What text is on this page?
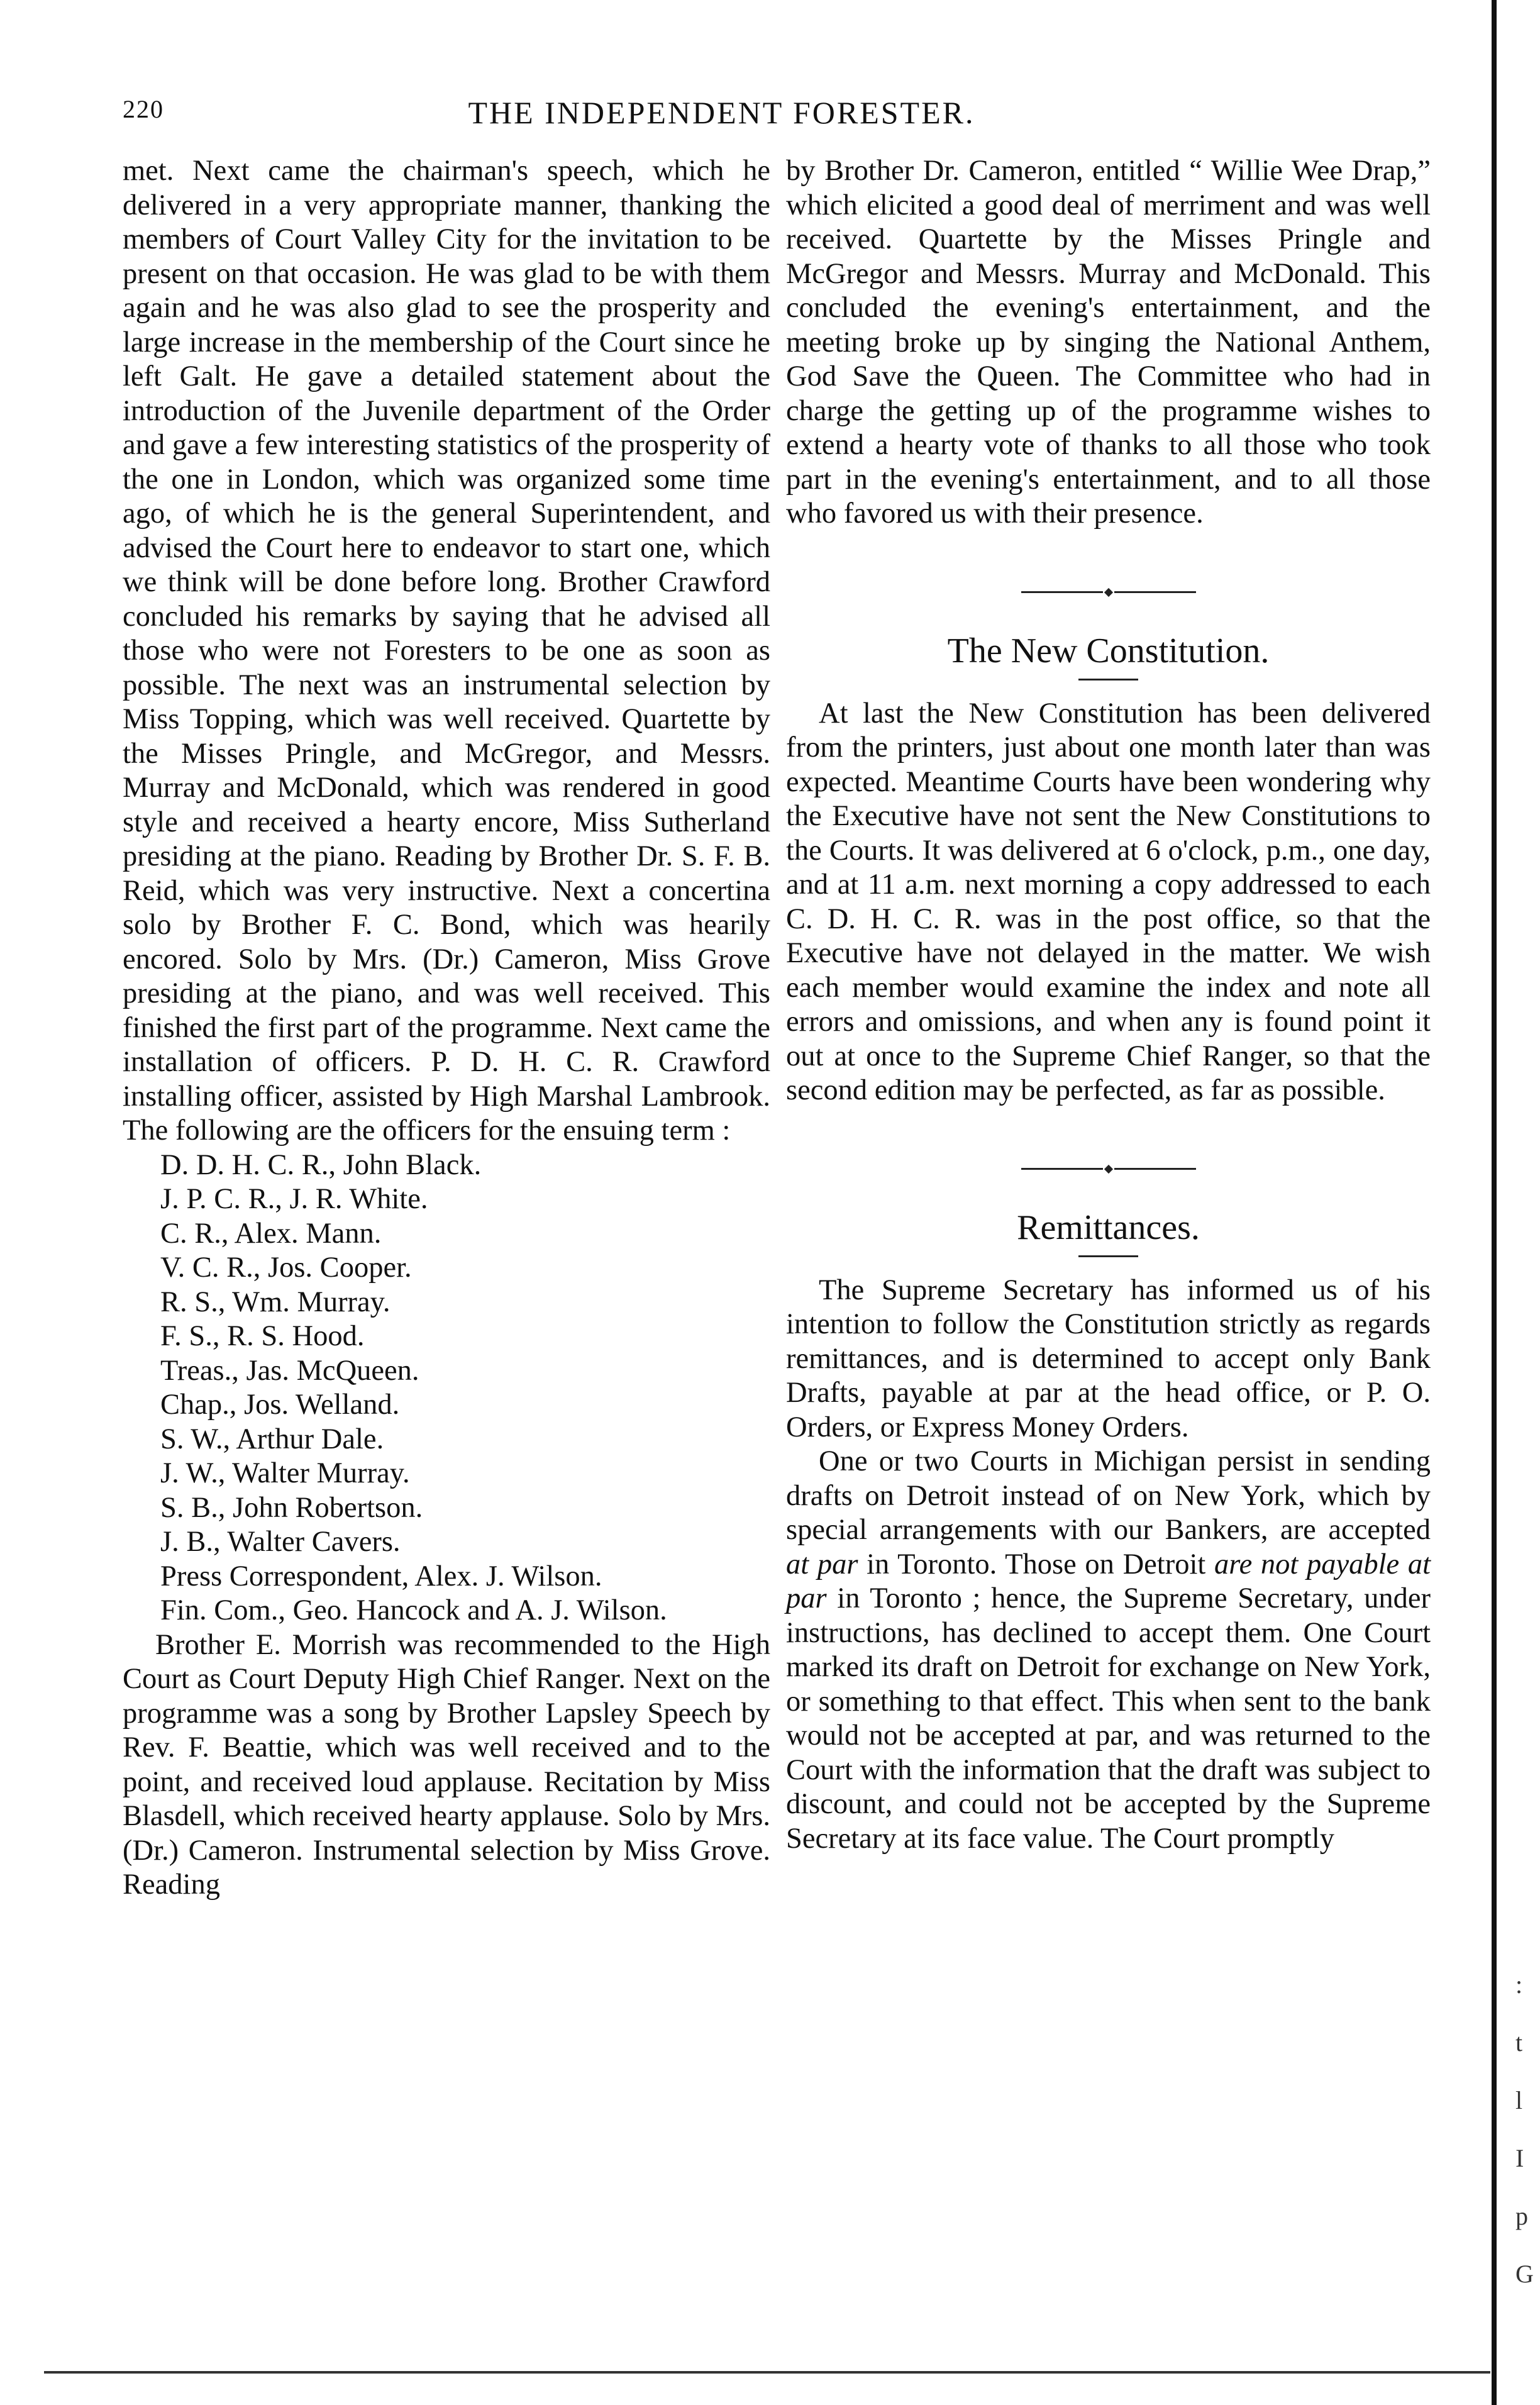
220	THE INDEPENDENT FORESTER.

met. Next came the chairman's speech, which he delivered in a very appropriate manner, thanking the members of Court Valley City for the invitation to be present on that occasion. He was glad to be with them again and he was also glad to see the prosperity and large increase in the membership of the Court since he left Galt. He gave a detailed statement about the introduction of the Juvenile department of the Order and gave a few interesting statistics of the prosperity of the one in London, which was organized some time ago, of which he is the general Superintendent, and advised the Court here to endeavor to start one, which we think will be done before long. Brother Crawford concluded his remarks by saying that he advised all those who were not Foresters to be one as soon as possible. The next was an instrumental selection by Miss Topping, which was well received. Quartette by the Misses Pringle, and McGregor, and Messrs. Murray and McDonald, which was rendered in good style and received a hearty encore, Miss Sutherland presiding at the piano. Reading by Brother Dr. S. F. B. Reid, which was very instructive. Next a concertina solo by Brother F. C. Bond, which was hearily encored. Solo by Mrs. (Dr.) Cameron, Miss Grove presiding at the piano, and was well received. This finished the first part of the programme. Next came the installation of officers. P. D. H. C. R. Crawford installing officer, assisted by High Marshal Lambrook. The following are the officers for the ensuing term :

D. D. H. C. R., John Black.
J. P. C. R., J. R. White.
C. R., Alex. Mann.
V. C. R., Jos. Cooper.
R. S., Wm. Murray.
F. S., R. S. Hood.
Treas., Jas. McQueen.
Chap., Jos. Welland.
S. W., Arthur Dale.
J. W., Walter Murray.
S. B., John Robertson.
J. B., Walter Cavers.
Press Correspondent, Alex. J. Wilson.
Fin. Com., Geo. Hancock and A. J. Wilson.

Brother E. Morrish was recommended to the High Court as Court Deputy High Chief Ranger. Next on the programme was a song by Brother Lapsley Speech by Rev. F. Beattie, which was well received and to the point, and received loud applause. Recitation by Miss Blasdell, which received hearty applause. Solo by Mrs. (Dr.) Cameron. Instrumental selection by Miss Grove. Reading

by Brother Dr. Cameron, entitled “ Willie Wee Drap,” which elicited a good deal of merriment and was well received. Quartette by the Misses Pringle and McGregor and Messrs. Murray and McDonald. This concluded the evening's entertainment, and the meeting broke up by singing the National Anthem, God Save the Queen. The Committee who had in charge the getting up of the programme wishes to extend a hearty vote of thanks to all those who took part in the evening's entertainment, and to all those who favored us with their presence.

The New Constitution.

At last the New Constitution has been delivered from the printers, just about one month later than was expected. Meantime Courts have been wondering why the Executive have not sent the New Constitutions to the Courts. It was delivered at 6 o'clock, p.m., one day, and at 11 a.m. next morning a copy addressed to each C. D. H. C. R. was in the post office, so that the Executive have not delayed in the matter. We wish each member would examine the index and note all errors and omissions, and when any is found point it out at once to the Supreme Chief Ranger, so that the second edition may be perfected, as far as possible.

Remittances.

The Supreme Secretary has informed us of his intention to follow the Constitution strictly as regards remittances, and is determined to accept only Bank Drafts, payable at par at the head office, or P. O. Orders, or Express Money Orders.

One or two Courts in Michigan persist in sending drafts on Detroit instead of on New York, which by special arrangements with our Bankers, are accepted at par in Toronto. Those on Detroit are not payable at par in Toronto ; hence, the Supreme Secretary, under instructions, has declined to accept them. One Court marked its draft on Detroit for exchange on New York, or something to that effect. This when sent to the bank would not be accepted at par, and was returned to the Court with the information that the draft was subject to discount, and could not be accepted by the Supreme Secretary at its face value. The Court promptly

:
t
l
I
p
G
